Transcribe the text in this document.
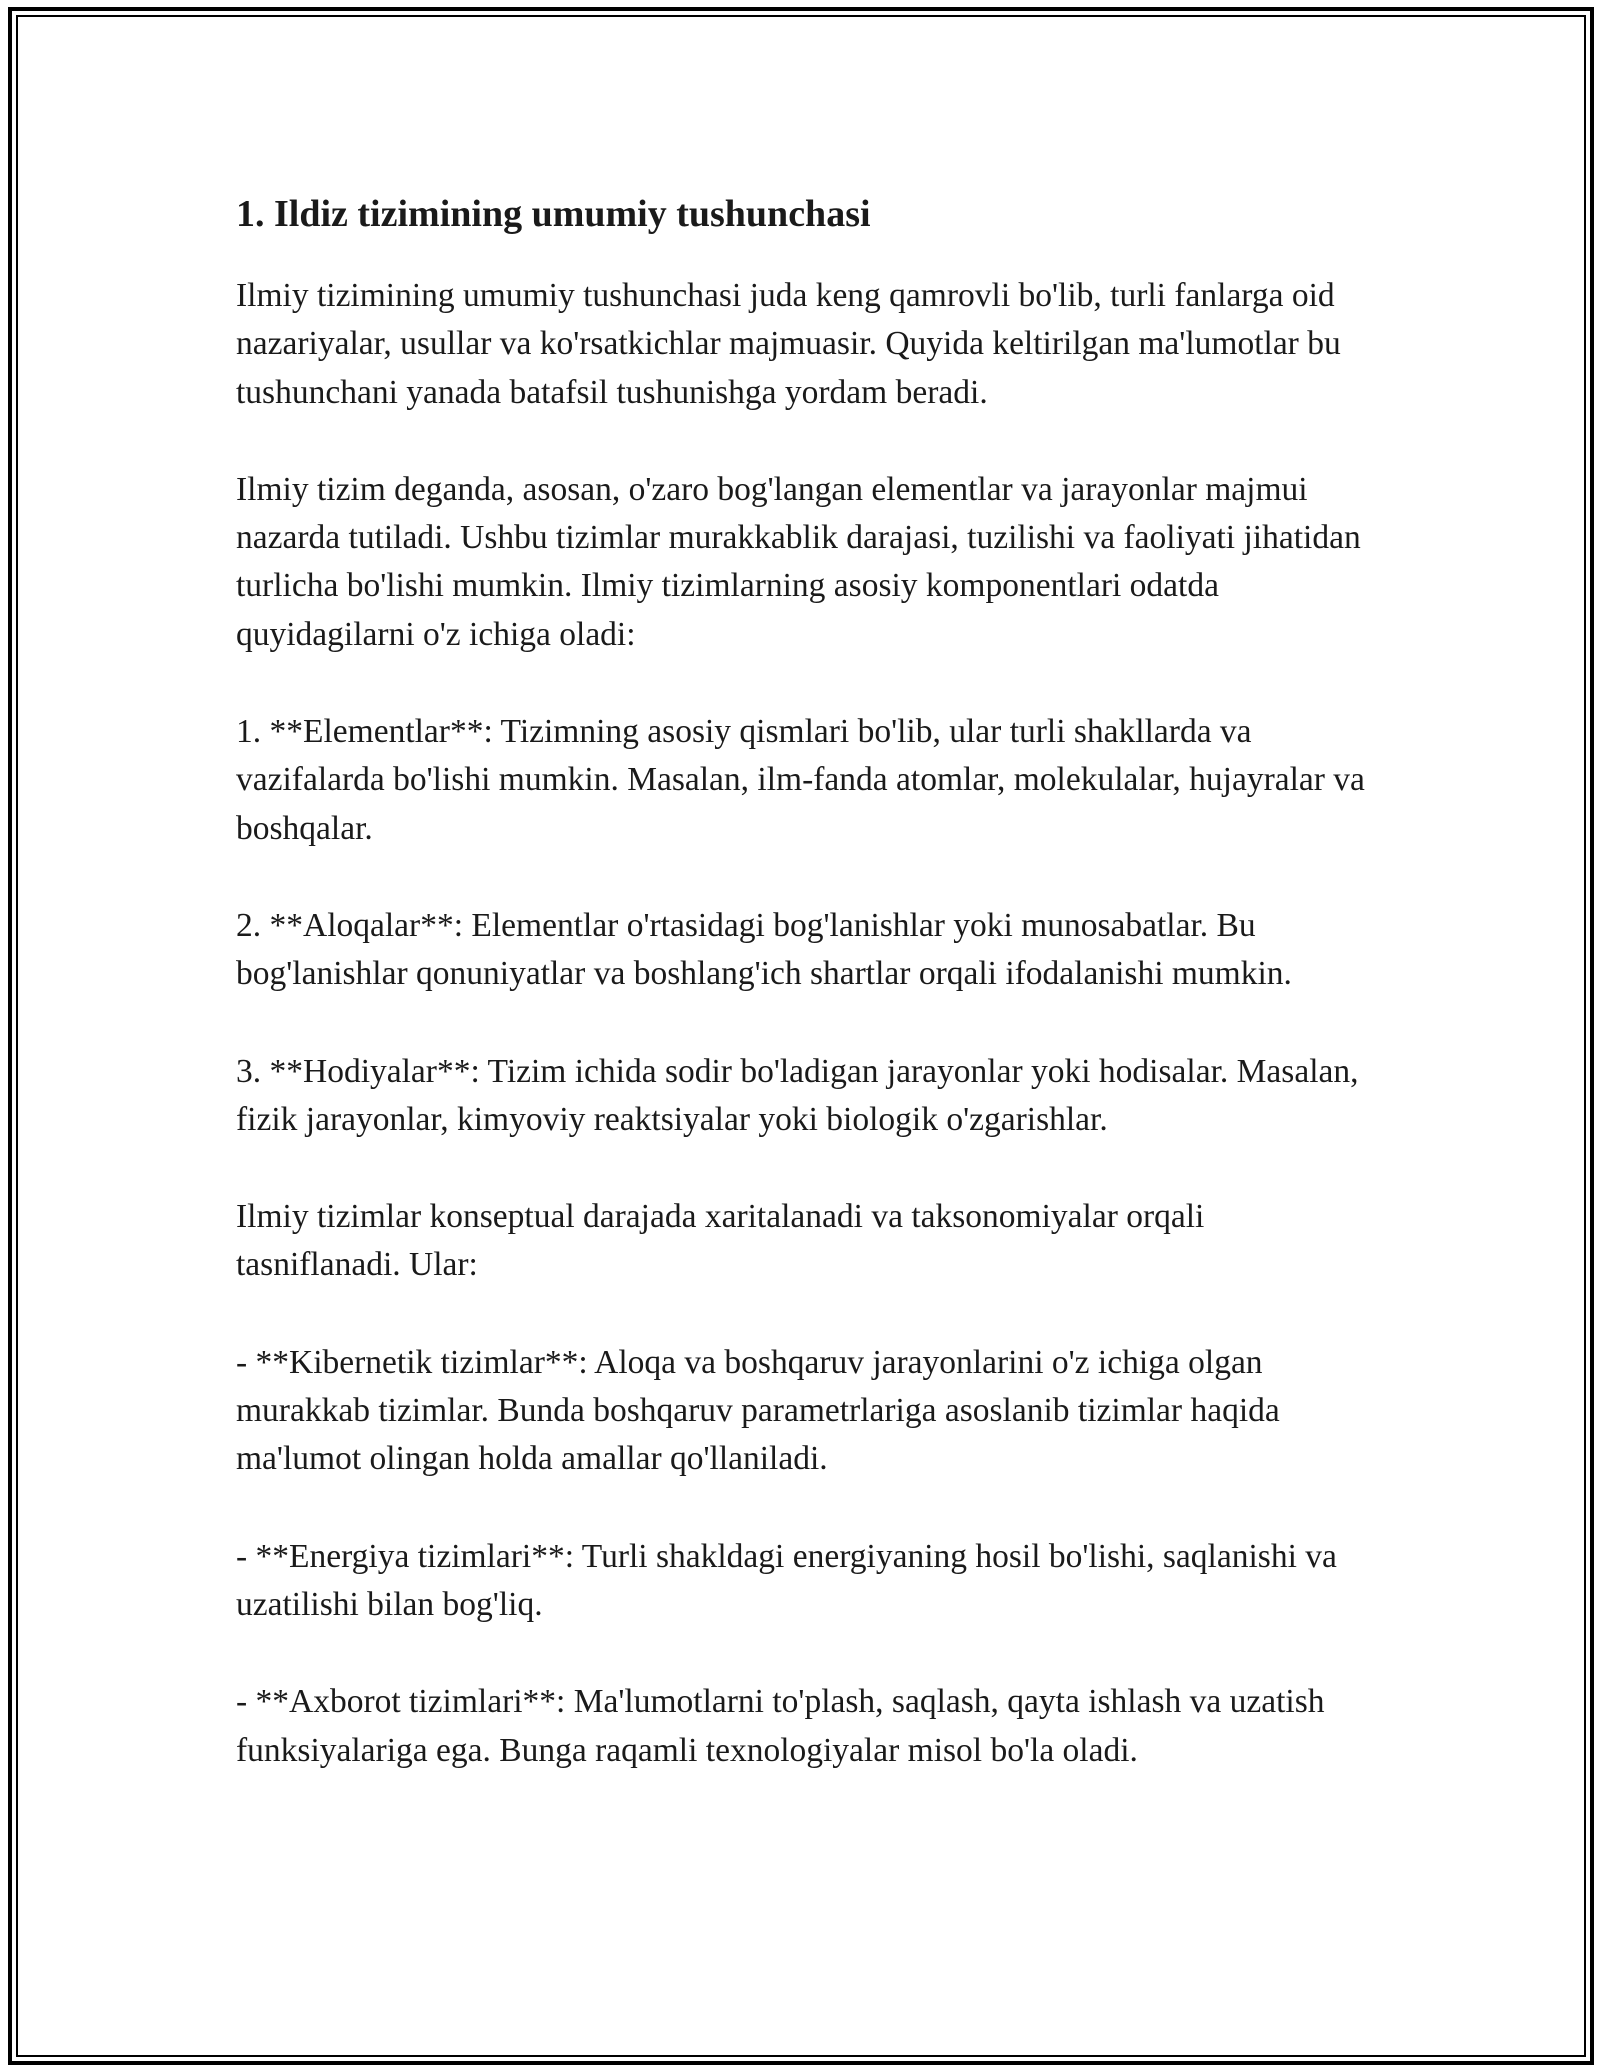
1. Ildiz tizimining umumiy tushunchasi

Ilmiy tizimining umumiy tushunchasi juda keng qamrovli bo'lib, turli fanlarga oid nazariyalar, usullar va ko'rsatkichlar majmuasir. Quyida keltirilgan ma'lumotlar bu tushunchani yanada batafsil tushunishga yordam beradi.

Ilmiy tizim deganda, asosan, o'zaro bog'langan elementlar va jarayonlar majmui nazarda tutiladi. Ushbu tizimlar murakkablik darajasi, tuzilishi va faoliyati jihatidan turlicha bo'lishi mumkin. Ilmiy tizimlarning asosiy komponentlari odatda quyidagilarni o'z ichiga oladi:

1. **Elementlar**: Tizimning asosiy qismlari bo'lib, ular turli shakllarda va vazifalarda bo'lishi mumkin. Masalan, ilm-fanda atomlar, molekulalar, hujayralar va boshqalar.

2. **Aloqalar**: Elementlar o'rtasidagi bog'lanishlar yoki munosabatlar. Bu bog'lanishlar qonuniyatlar va boshlang'ich shartlar orqali ifodalanishi mumkin.

3. **Hodiyalar**: Tizim ichida sodir bo'ladigan jarayonlar yoki hodisalar. Masalan, fizik jarayonlar, kimyoviy reaktsiyalar yoki biologik o'zgarishlar.

Ilmiy tizimlar konseptual darajada xaritalanadi va taksonomiyalar orqali tasniflanadi. Ular:

- **Kibernetik tizimlar**: Aloqa va boshqaruv jarayonlarini o'z ichiga olgan murakkab tizimlar. Bunda boshqaruv parametrlariga asoslanib tizimlar haqida ma'lumot olingan holda amallar qo'llaniladi.

- **Energiya tizimlari**: Turli shakldagi energiyaning hosil bo'lishi, saqlanishi va uzatilishi bilan bog'liq.

- **Axborot tizimlari**: Ma'lumotlarni to'plash, saqlash, qayta ishlash va uzatish funksiyalariga ega. Bunga raqamli texnologiyalar misol bo'la oladi.
